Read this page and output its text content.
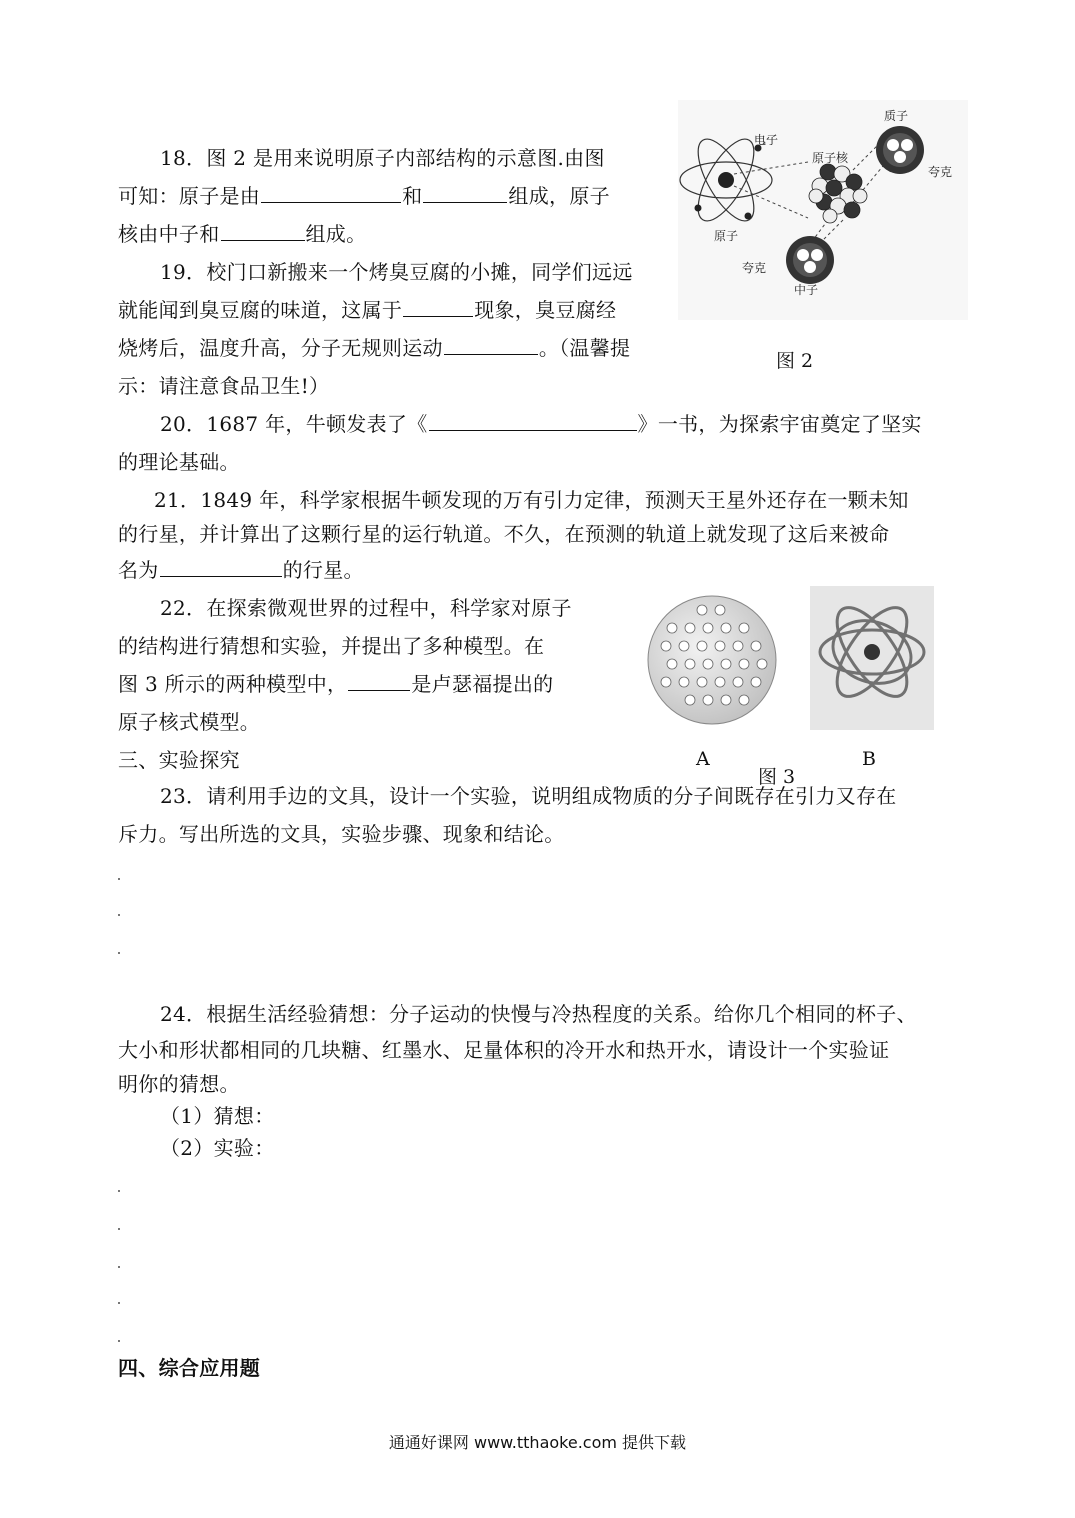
18．图 2 是用来说明原子内部结构的示意图.由图
可知：原子是由	和	组成，原子
核由中子和	组成。
19．校门口新搬来一个烤臭豆腐的小摊，同学们远远
就能闻到臭豆腐的味道，这属于	现象，臭豆腐经
烧烤后，温度升高，分子无规则运动	。（温馨提
示：请注意食品卫生!）
20．1687 年，牛顿发表了《	》一书，为探索宇宙奠定了坚实
的理论基础。
21．1849 年，科学家根据牛顿发现的万有引力定律，预测天王星外还存在一颗未知
的行星，并计算出了这颗行星的运行轨道。不久，在预测的轨道上就发现了这后来被命
名为	的行星。
22．在探索微观世界的过程中，科学家对原子
的结构进行猜想和实验，并提出了多种模型。在
图 3 所示的两种模型中，	是卢瑟福提出的
原子核式模型。
三、实验探究
23．请利用手边的文具，设计一个实验，说明组成物质的分子间既存在引力又存在
斥力。写出所选的文具，实验步骤、现象和结论。
24．根据生活经验猜想：分子运动的快慢与冷热程度的关系。给你几个相同的杯子、
大小和形状都相同的几块糖、红墨水、足量体积的冷开水和热开水，请设计一个实验证
明你的猜想。
（1）猜想：
（2）实验：
四、综合应用题
电子
质子
原子核
夸克
原子
夸克
中子
图 2
A	B
图 3
通通好课网 www.tthaoke.com 提供下载
